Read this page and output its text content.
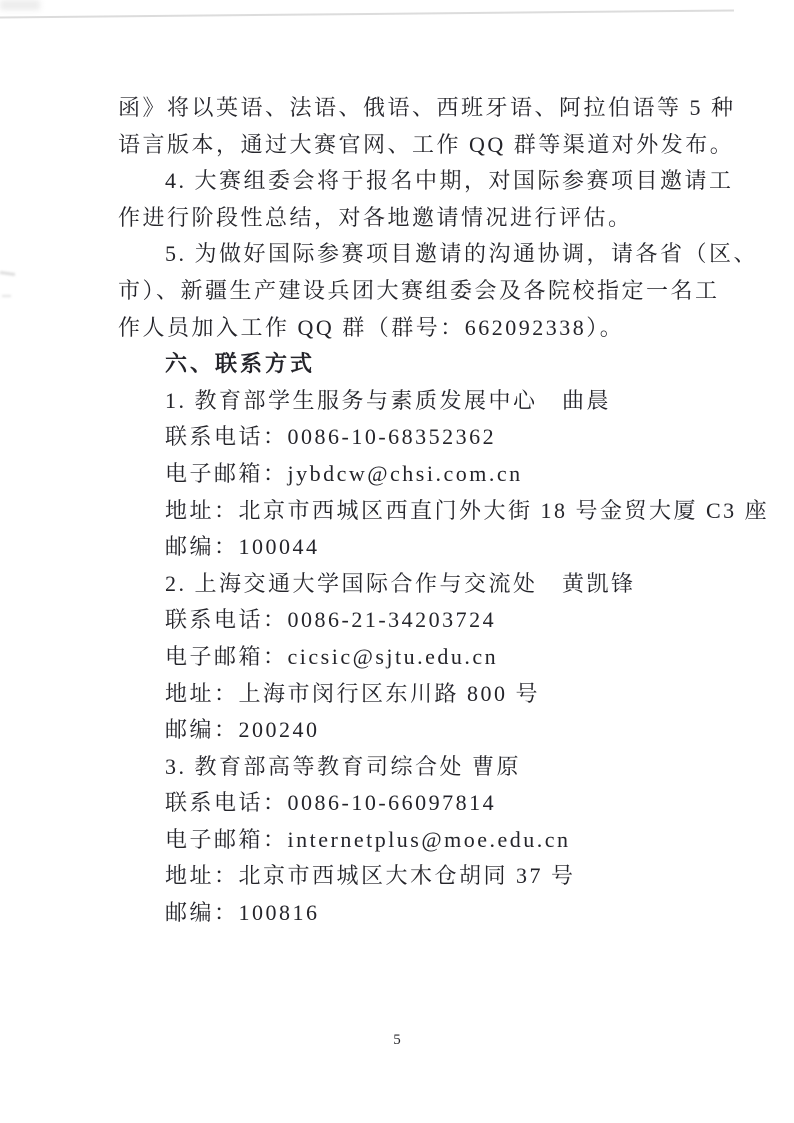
函》将以英语、法语、俄语、西班牙语、阿拉伯语等 5 种
语言版本，通过大赛官网、工作 QQ 群等渠道对外发布。
4. 大赛组委会将于报名中期，对国际参赛项目邀请工
作进行阶段性总结，对各地邀请情况进行评估。
5. 为做好国际参赛项目邀请的沟通协调，请各省（区、
市）、新疆生产建设兵团大赛组委会及各院校指定一名工
作人员加入工作 QQ 群（群号：662092338）。
六、联系方式
1. 教育部学生服务与素质发展中心　曲晨
联系电话：0086-10-68352362
电子邮箱：jybdcw@chsi.com.cn
地址：北京市西城区西直门外大街 18 号金贸大厦 C3 座
邮编：100044
2. 上海交通大学国际合作与交流处　黄凯锋
联系电话：0086-21-34203724
电子邮箱：cicsic@sjtu.edu.cn
地址：上海市闵行区东川路 800 号
邮编：200240
3. 教育部高等教育司综合处 曹原
联系电话：0086-10-66097814
电子邮箱：internetplus@moe.edu.cn
地址：北京市西城区大木仓胡同 37 号
邮编：100816
5
